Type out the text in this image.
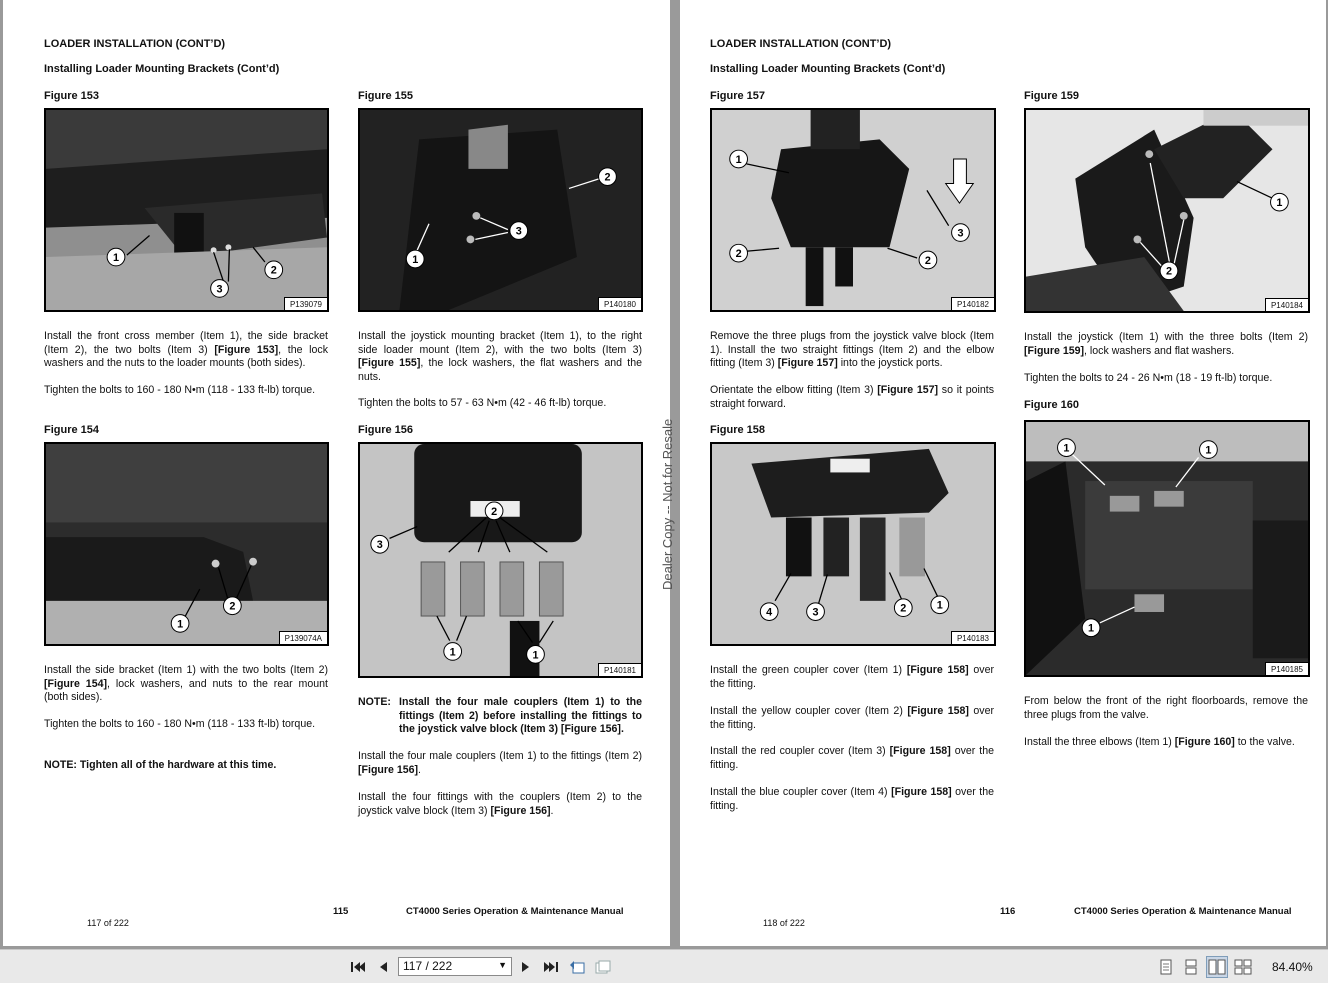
LOADER INSTALLATION (CONT’D)
Installing Loader Mounting Brackets (Cont’d)
Figure 153
1
3
2
P139079
Figure 155
1
3
2
P140180

Install the front cross member (Item 1), the side bracket (Item 2), the two bolts (Item 3) [Figure 153], the lock washers and the nuts to the loader mounts (both sides).

Tighten the bolts to 160 - 180 N•m (118 - 133 ft-lb) torque.

Install the joystick mounting bracket (Item 1), to the right side loader mount (Item 2), with the two bolts (Item 3) [Figure 155], the lock washers, the flat washers and the nuts.

Tighten the bolts to 57 - 63 N•m (42 - 46 ft-lb) torque.

Figure 154
1
2
P139074A
Figure 156
3
2
1	1
P140181

Install the side bracket (Item 1) with the two bolts (Item 2) [Figure 154], lock washers, and nuts to the rear mount (both sides).

Tighten the bolts to 160 - 180 N•m (118 - 133 ft-lb) torque.

NOTE: Tighten all of the hardware at this time.

NOTE: Install the four male couplers (Item 1) to the fittings (Item 2) before installing the fittings to the joystick valve block (Item 3) [Figure 156].

Install the four male couplers (Item 1) to the fittings (Item 2) [Figure 156].

Install the four fittings with the couplers (Item 2) to the joystick valve block (Item 3) [Figure 156].

115	CT4000 Series Operation & Maintenance Manual
117 of 222
Dealer Copy -- Not for Resale
LOADER INSTALLATION (CONT’D)
Installing Loader Mounting Brackets (Cont’d)
Figure 157
1
3
2
2
P140182
Figure 159
2
1
P140184

Remove the three plugs from the joystick valve block (Item 1). Install the two straight fittings (Item 2) and the elbow fitting (Item 3) [Figure 157] into the joystick ports.

Orientate the elbow fitting (Item 3) [Figure 157] so it points straight forward.

Install the joystick (Item 1) with the three bolts (Item 2) [Figure 159], lock washers and flat washers.

Tighten the bolts to 24 - 26 N•m (18 - 19 ft-lb) torque.

Figure 158
4	3	2	1
P140183
Figure 160
1	1
1
P140185

Install the green coupler cover (Item 1) [Figure 158] over the fitting.

Install the yellow coupler cover (Item 2) [Figure 158] over the fitting.

Install the red coupler cover (Item 3) [Figure 158] over the fitting.

Install the blue coupler cover (Item 4) [Figure 158] over the fitting.

From below the front of the right floorboards, remove the three plugs from the valve.

Install the three elbows (Item 1) [Figure 160] to the valve.

116	CT4000 Series Operation & Maintenance Manual
118 of 222
117 / 222	▼	84.40%
